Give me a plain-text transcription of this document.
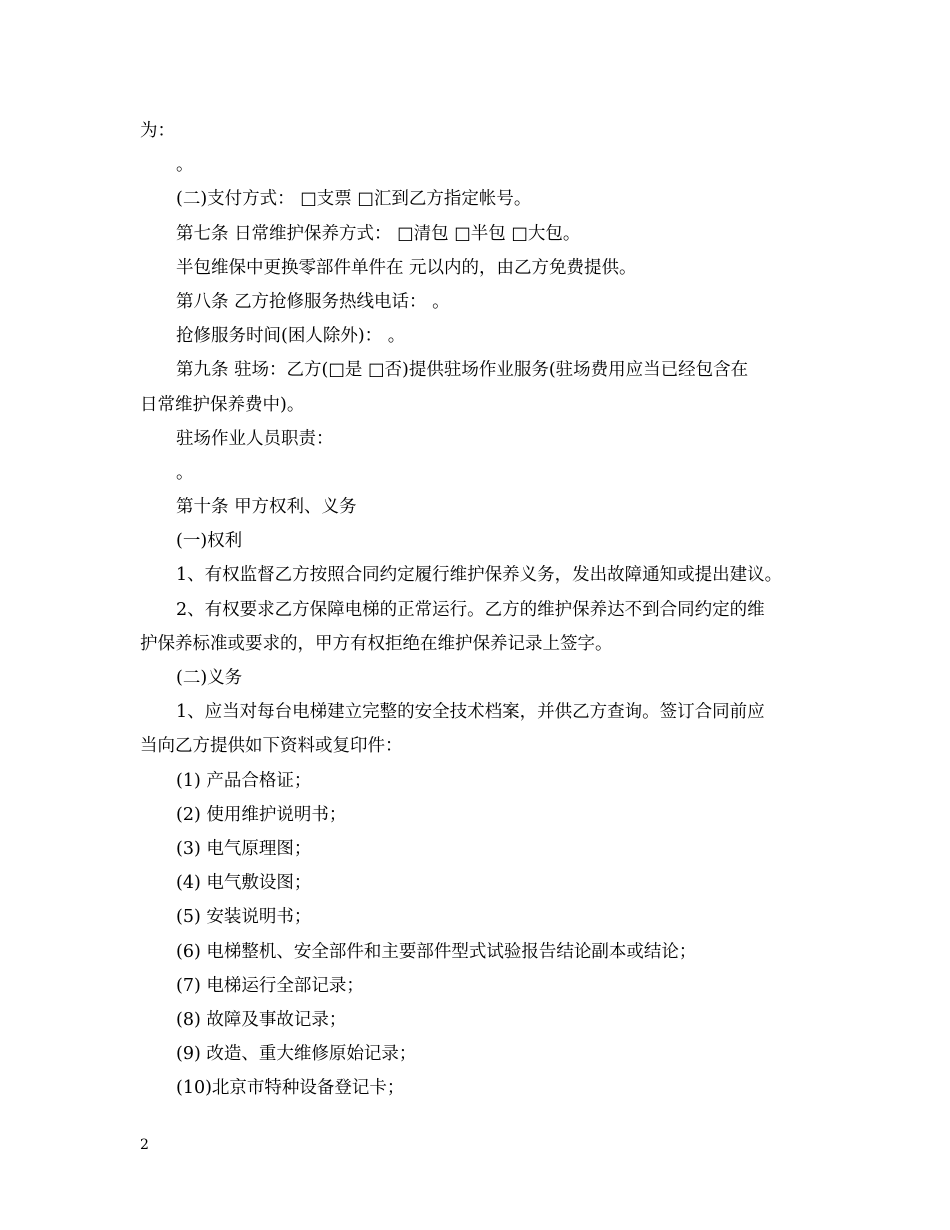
为：
。
(二)支付方式： □支票 □汇到乙方指定帐号。
第七条 日常维护保养方式： □清包 □半包 □大包。
半包维保中更换零部件单件在 元以内的，由乙方免费提供。
第八条 乙方抢修服务热线电话： 。
抢修服务时间(困人除外)： 。
第九条 驻场：乙方(□是 □否)提供驻场作业服务(驻场费用应当已经包含在
日常维护保养费中)。
驻场作业人员职责：
。
第十条 甲方权利、义务
(一)权利
1、有权监督乙方按照合同约定履行维护保养义务，发出故障通知或提出建议。
2、有权要求乙方保障电梯的正常运行。乙方的维护保养达不到合同约定的维
护保养标准或要求的，甲方有权拒绝在维护保养记录上签字。
(二)义务
1、应当对每台电梯建立完整的安全技术档案，并供乙方查询。签订合同前应
当向乙方提供如下资料或复印件：
(1) 产品合格证；
(2) 使用维护说明书；
(3) 电气原理图；
(4) 电气敷设图；
(5) 安装说明书；
(6) 电梯整机、安全部件和主要部件型式试验报告结论副本或结论；
(7) 电梯运行全部记录；
(8) 故障及事故记录；
(9) 改造、重大维修原始记录；
(10)北京市特种设备登记卡；
2
